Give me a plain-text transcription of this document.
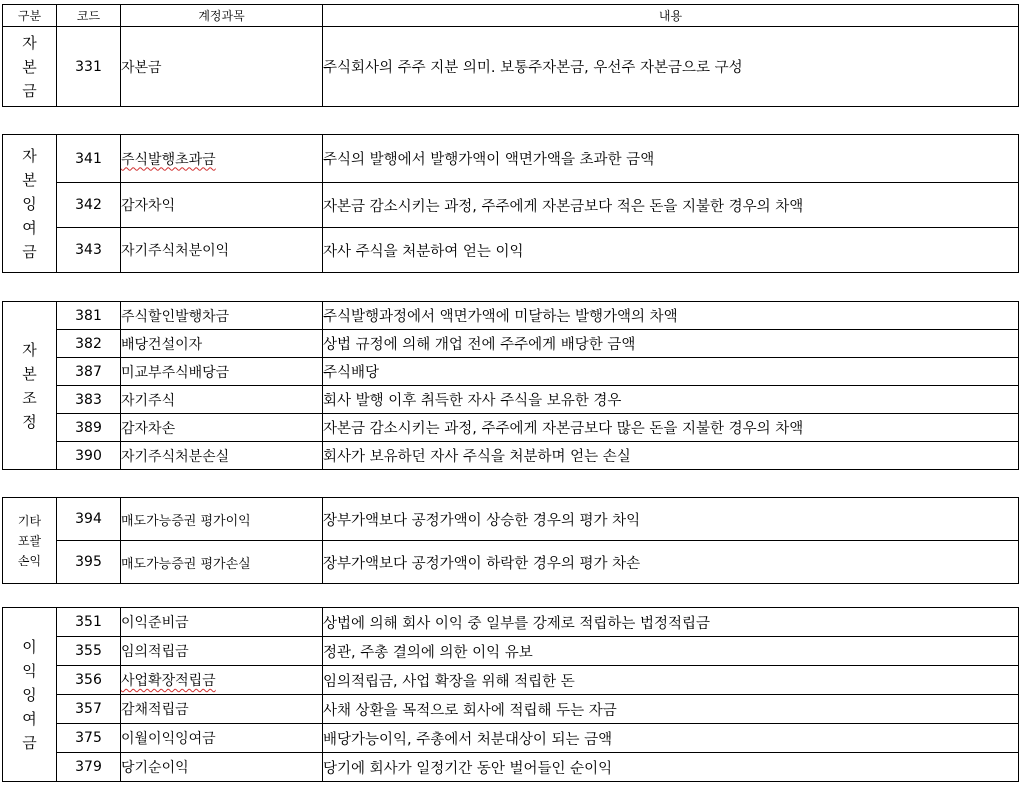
구분	코드	계정과목	내용
자
본
금	331	자본금	주식회사의 주주 지분 의미. 보통주자본금, 우선주 자본금으로 구성
자
본
잉
여
금	341	주식발행초과금	주식의 발행에서 발행가액이 액면가액을 초과한 금액
	342	감자차익	자본금 감소시키는 과정, 주주에게 자본금보다 적은 돈을 지불한 경우의 차액
	343	자기주식처분이익	자사 주식을 처분하여 얻는 이익
자
본
조
정	381	주식할인발행차금	주식발행과정에서 액면가액에 미달하는 발행가액의 차액
	382	배당건설이자	상법 규정에 의해 개업 전에 주주에게 배당한 금액
	387	미교부주식배당금	주식배당
	383	자기주식	회사 발행 이후 취득한 자사 주식을 보유한 경우
	389	감자차손	자본금 감소시키는 과정, 주주에게 자본금보다 많은 돈을 지불한 경우의 차액
	390	자기주식처분손실	회사가 보유하던 자사 주식을 처분하며 얻는 손실
기타
포괄
손익	394	매도가능증권 평가이익	장부가액보다 공정가액이 상승한 경우의 평가 차익
	395	매도가능증권 평가손실	장부가액보다 공정가액이 하락한 경우의 평가 차손
이
익
잉
여
금	351	이익준비금	상법에 의해 회사 이익 중 일부를 강제로 적립하는 법정적립금
	355	임의적립금	정관, 주총 결의에 의한 이익 유보
	356	사업확장적립금	임의적립금, 사업 확장을 위해 적립한 돈
	357	감채적립금	사채 상환을 목적으로 회사에 적립해 두는 자금
	375	이월이익잉여금	배당가능이익, 주총에서 처분대상이 되는 금액
	379	당기순이익	당기에 회사가 일정기간 동안 벌어들인 순이익
